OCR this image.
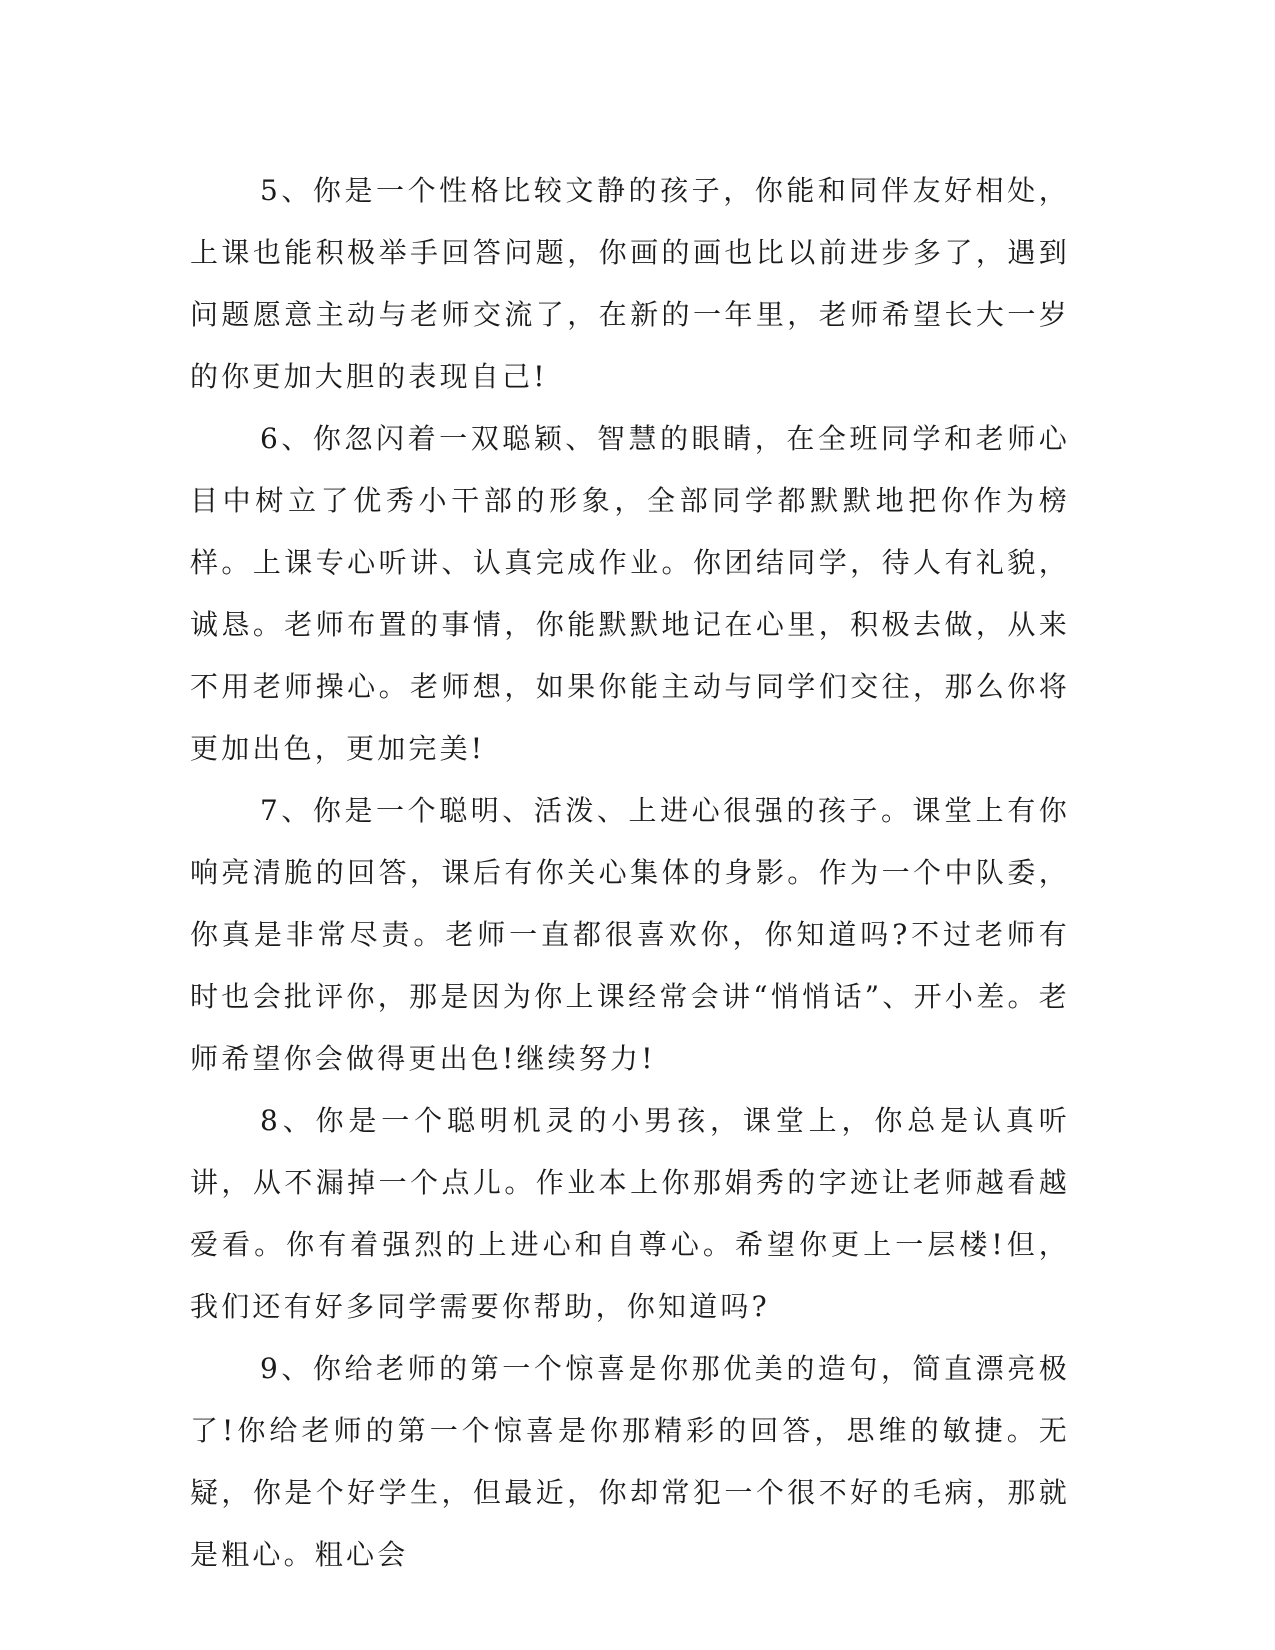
5、你是一个性格比较文静的孩子，你能和同伴友好相处，上课也能积极举手回答问题，你画的画也比以前进步多了，遇到问题愿意主动与老师交流了，在新的一年里，老师希望长大一岁的你更加大胆的表现自己!

6、你忽闪着一双聪颖、智慧的眼睛，在全班同学和老师心目中树立了优秀小干部的形象，全部同学都默默地把你作为榜样。上课专心听讲、认真完成作业。你团结同学，待人有礼貌，诚恳。老师布置的事情，你能默默地记在心里，积极去做，从来不用老师操心。老师想，如果你能主动与同学们交往，那么你将更加出色，更加完美!

7、你是一个聪明、活泼、上进心很强的孩子。课堂上有你响亮清脆的回答，课后有你关心集体的身影。作为一个中队委，你真是非常尽责。老师一直都很喜欢你，你知道吗?不过老师有时也会批评你，那是因为你上课经常会讲“悄悄话”、开小差。老师希望你会做得更出色!继续努力!

8、你是一个聪明机灵的小男孩，课堂上，你总是认真听讲，从不漏掉一个点儿。作业本上你那娟秀的字迹让老师越看越爱看。你有着强烈的上进心和自尊心。希望你更上一层楼!但，我们还有好多同学需要你帮助，你知道吗?

9、你给老师的第一个惊喜是你那优美的造句，简直漂亮极了!你给老师的第一个惊喜是你那精彩的回答，思维的敏捷。无疑，你是个好学生，但最近，你却常犯一个很不好的毛病，那就是粗心。粗心会
